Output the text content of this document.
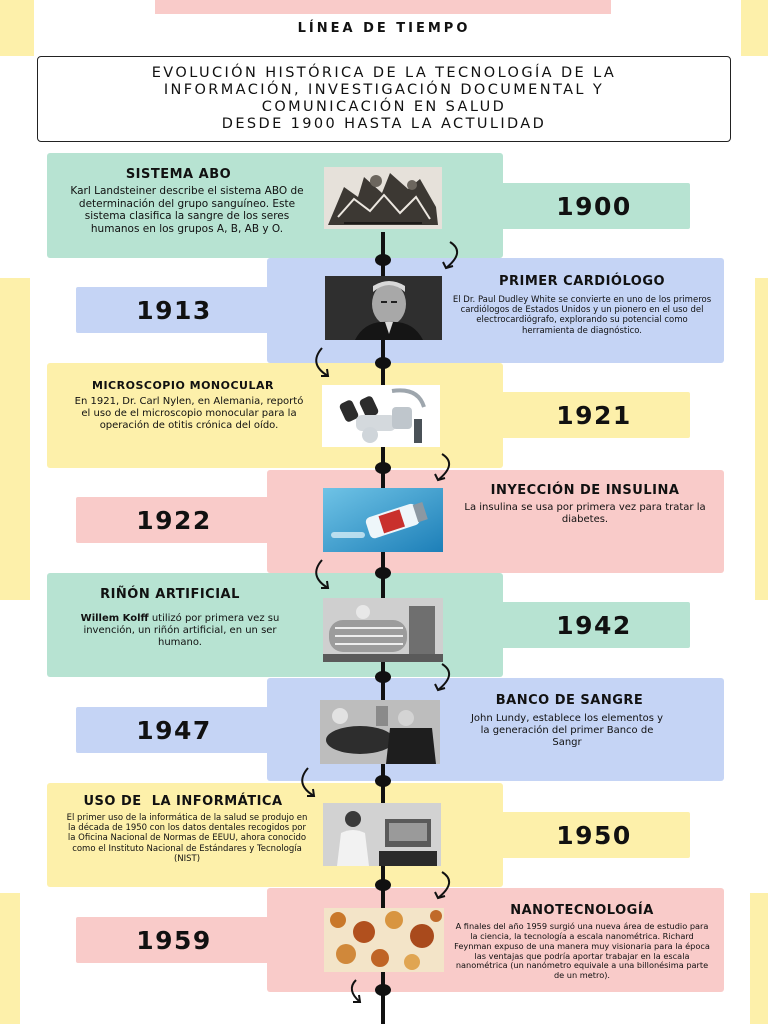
LÍNEA DE TIEMPO
EVOLUCIÓN HISTÓRICA DE LA TECNOLOGÍA DE LA
INFORMACIÓN, INVESTIGACIÓN DOCUMENTAL Y
COMUNICACIÓN EN SALUD
DESDE 1900 HASTA LA ACTULIDAD
1900
SISTEMA ABO
Karl Landsteiner describe el sistema ABO de determinación del grupo sanguíneo. Este sistema clasifica la sangre de los seres humanos en los grupos A, B, AB y O.
1913
PRIMER CARDIÓLOGO
El Dr. Paul Dudley White se convierte en uno de los primeros cardiólogos de Estados Unidos y un pionero en el uso del electrocardiógrafo, explorando su potencial como herramienta de diagnóstico.
1921
MICROSCOPIO MONOCULAR
En 1921, Dr. Carl Nylen, en Alemania, reportó el uso de el microscopio monocular para la operación de otitis crónica del oído.
1922
INYECCIÓN DE INSULINA
La insulina se usa por primera vez para tratar la diabetes.
1942
RIÑÓN ARTIFICIAL
Willem Kolff utilizó por primera vez su invención, un riñón artificial, en un ser humano.
1947
BANCO DE SANGRE
John Lundy, establece los elementos y la generación del primer Banco de Sangr
1950
USO DE  LA INFORMÁTICA
El primer uso de la informática de la salud se produjo en la década de 1950 con los datos dentales recogidos por la Oficina Nacional de Normas de EEUU, ahora conocido como el Instituto Nacional de Estándares y Tecnología (NIST)
1959
NANOTECNOLOGÍA
A finales del año 1959 surgió una nueva área de estudio para la ciencia, la tecnología a escala nanométrica. Richard Feynman expuso de una manera muy visionaria para la época las ventajas que podría aportar trabajar en la escala nanométrica (un nanómetro equivale a una billonésima parte de un metro).
